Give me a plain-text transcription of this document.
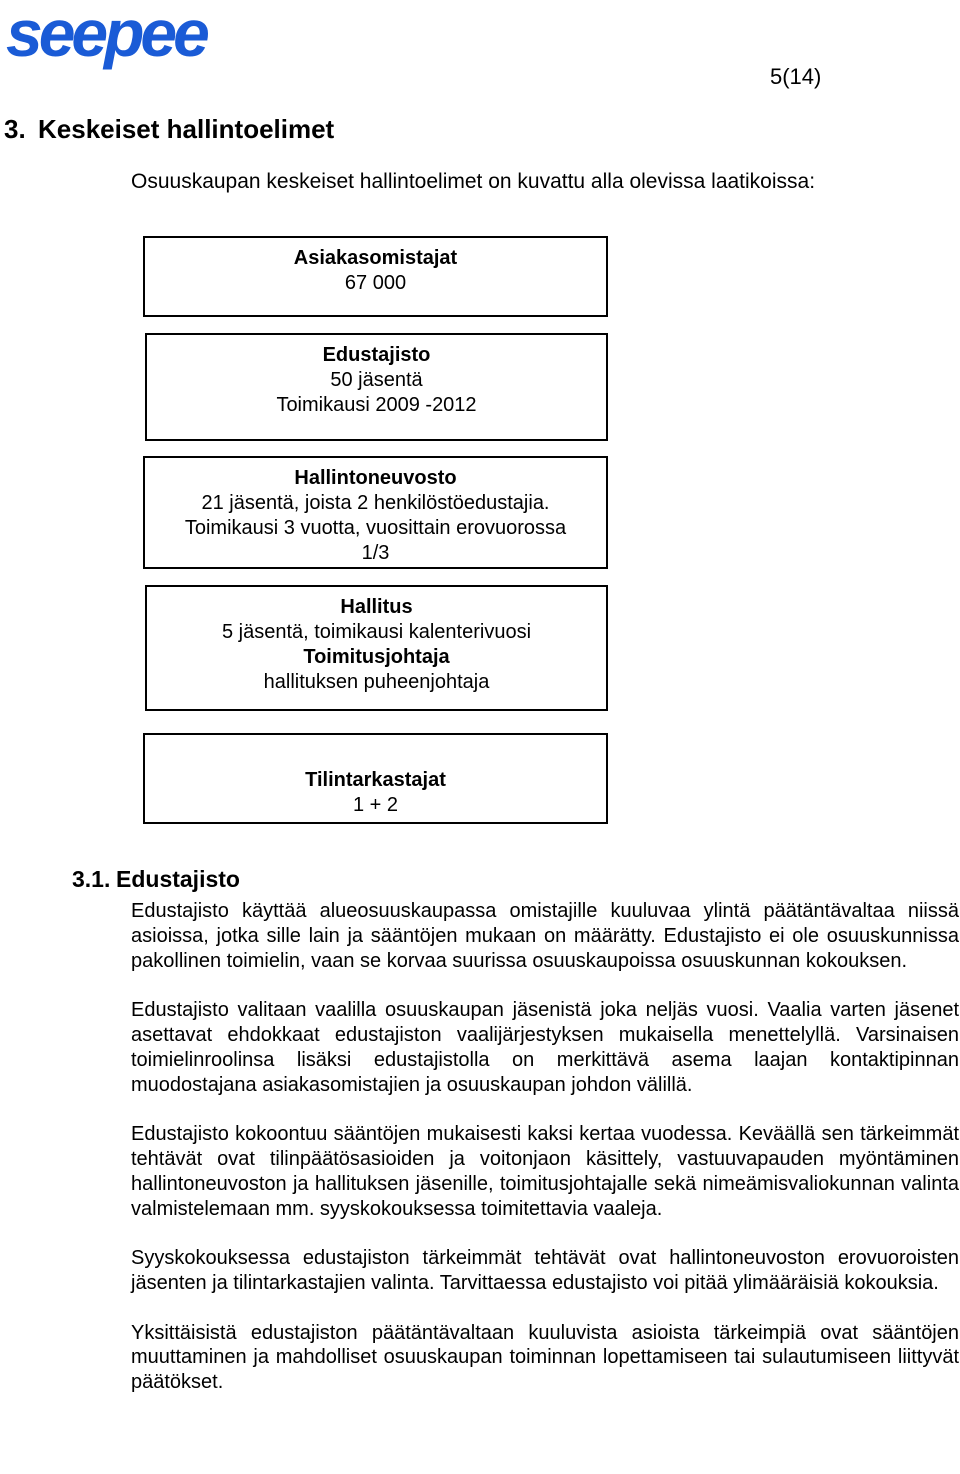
seepee
5(14)
3. Keskeiset hallintoelimet

Osuuskaupan keskeiset hallintoelimet on kuvattu alla olevissa laatikoissa:

Asiakasomistajat
67 000
Edustajisto
50 jäsentä
Toimikausi 2009 -2012
Hallintoneuvosto
21 jäsentä, joista 2 henkilöstöedustajia.
Toimikausi 3 vuotta, vuosittain erovuorossa
1/3
Hallitus
5 jäsentä, toimikausi kalenterivuosi
Toimitusjohtaja
hallituksen puheenjohtaja
Tilintarkastajat
1 + 2
3.1. Edustajisto

Edustajisto käyttää alueosuuskaupassa omistajille kuuluvaa ylintä päätäntävaltaa niissä asioissa, jotka sille lain ja sääntöjen mukaan on määrätty. Edustajisto ei ole osuuskunnissa pakollinen toimielin, vaan se korvaa suurissa osuuskaupoissa osuuskunnan kokouksen.

Edustajisto valitaan vaalilla osuuskaupan jäsenistä joka neljäs vuosi. Vaalia varten jäsenet asettavat ehdokkaat edustajiston vaalijärjestyksen mukaisella menettelyllä. Varsinaisen toimielinroolinsa lisäksi edustajistolla on merkittävä asema laajan kontaktipinnan muodostajana asiakasomistajien ja osuuskaupan johdon välillä.

Edustajisto kokoontuu sääntöjen mukaisesti kaksi kertaa vuodessa. Keväällä sen tärkeimmät tehtävät ovat tilinpäätösasioiden ja voitonjaon käsittely, vastuuvapauden myöntäminen hallintoneuvoston ja hallituksen jäsenille, toimitusjohtajalle sekä nimeämisvaliokunnan valinta valmistelemaan mm. syyskokouksessa toimitettavia vaaleja.

Syyskokouksessa edustajiston tärkeimmät tehtävät ovat hallintoneuvoston erovuoroisten jäsenten ja tilintarkastajien valinta. Tarvittaessa edustajisto voi pitää ylimääräisiä kokouksia.

Yksittäisistä edustajiston päätäntävaltaan kuuluvista asioista tärkeimpiä ovat sääntöjen muuttaminen ja mahdolliset osuuskaupan toiminnan lopettamiseen tai sulautumiseen liittyvät päätökset.
